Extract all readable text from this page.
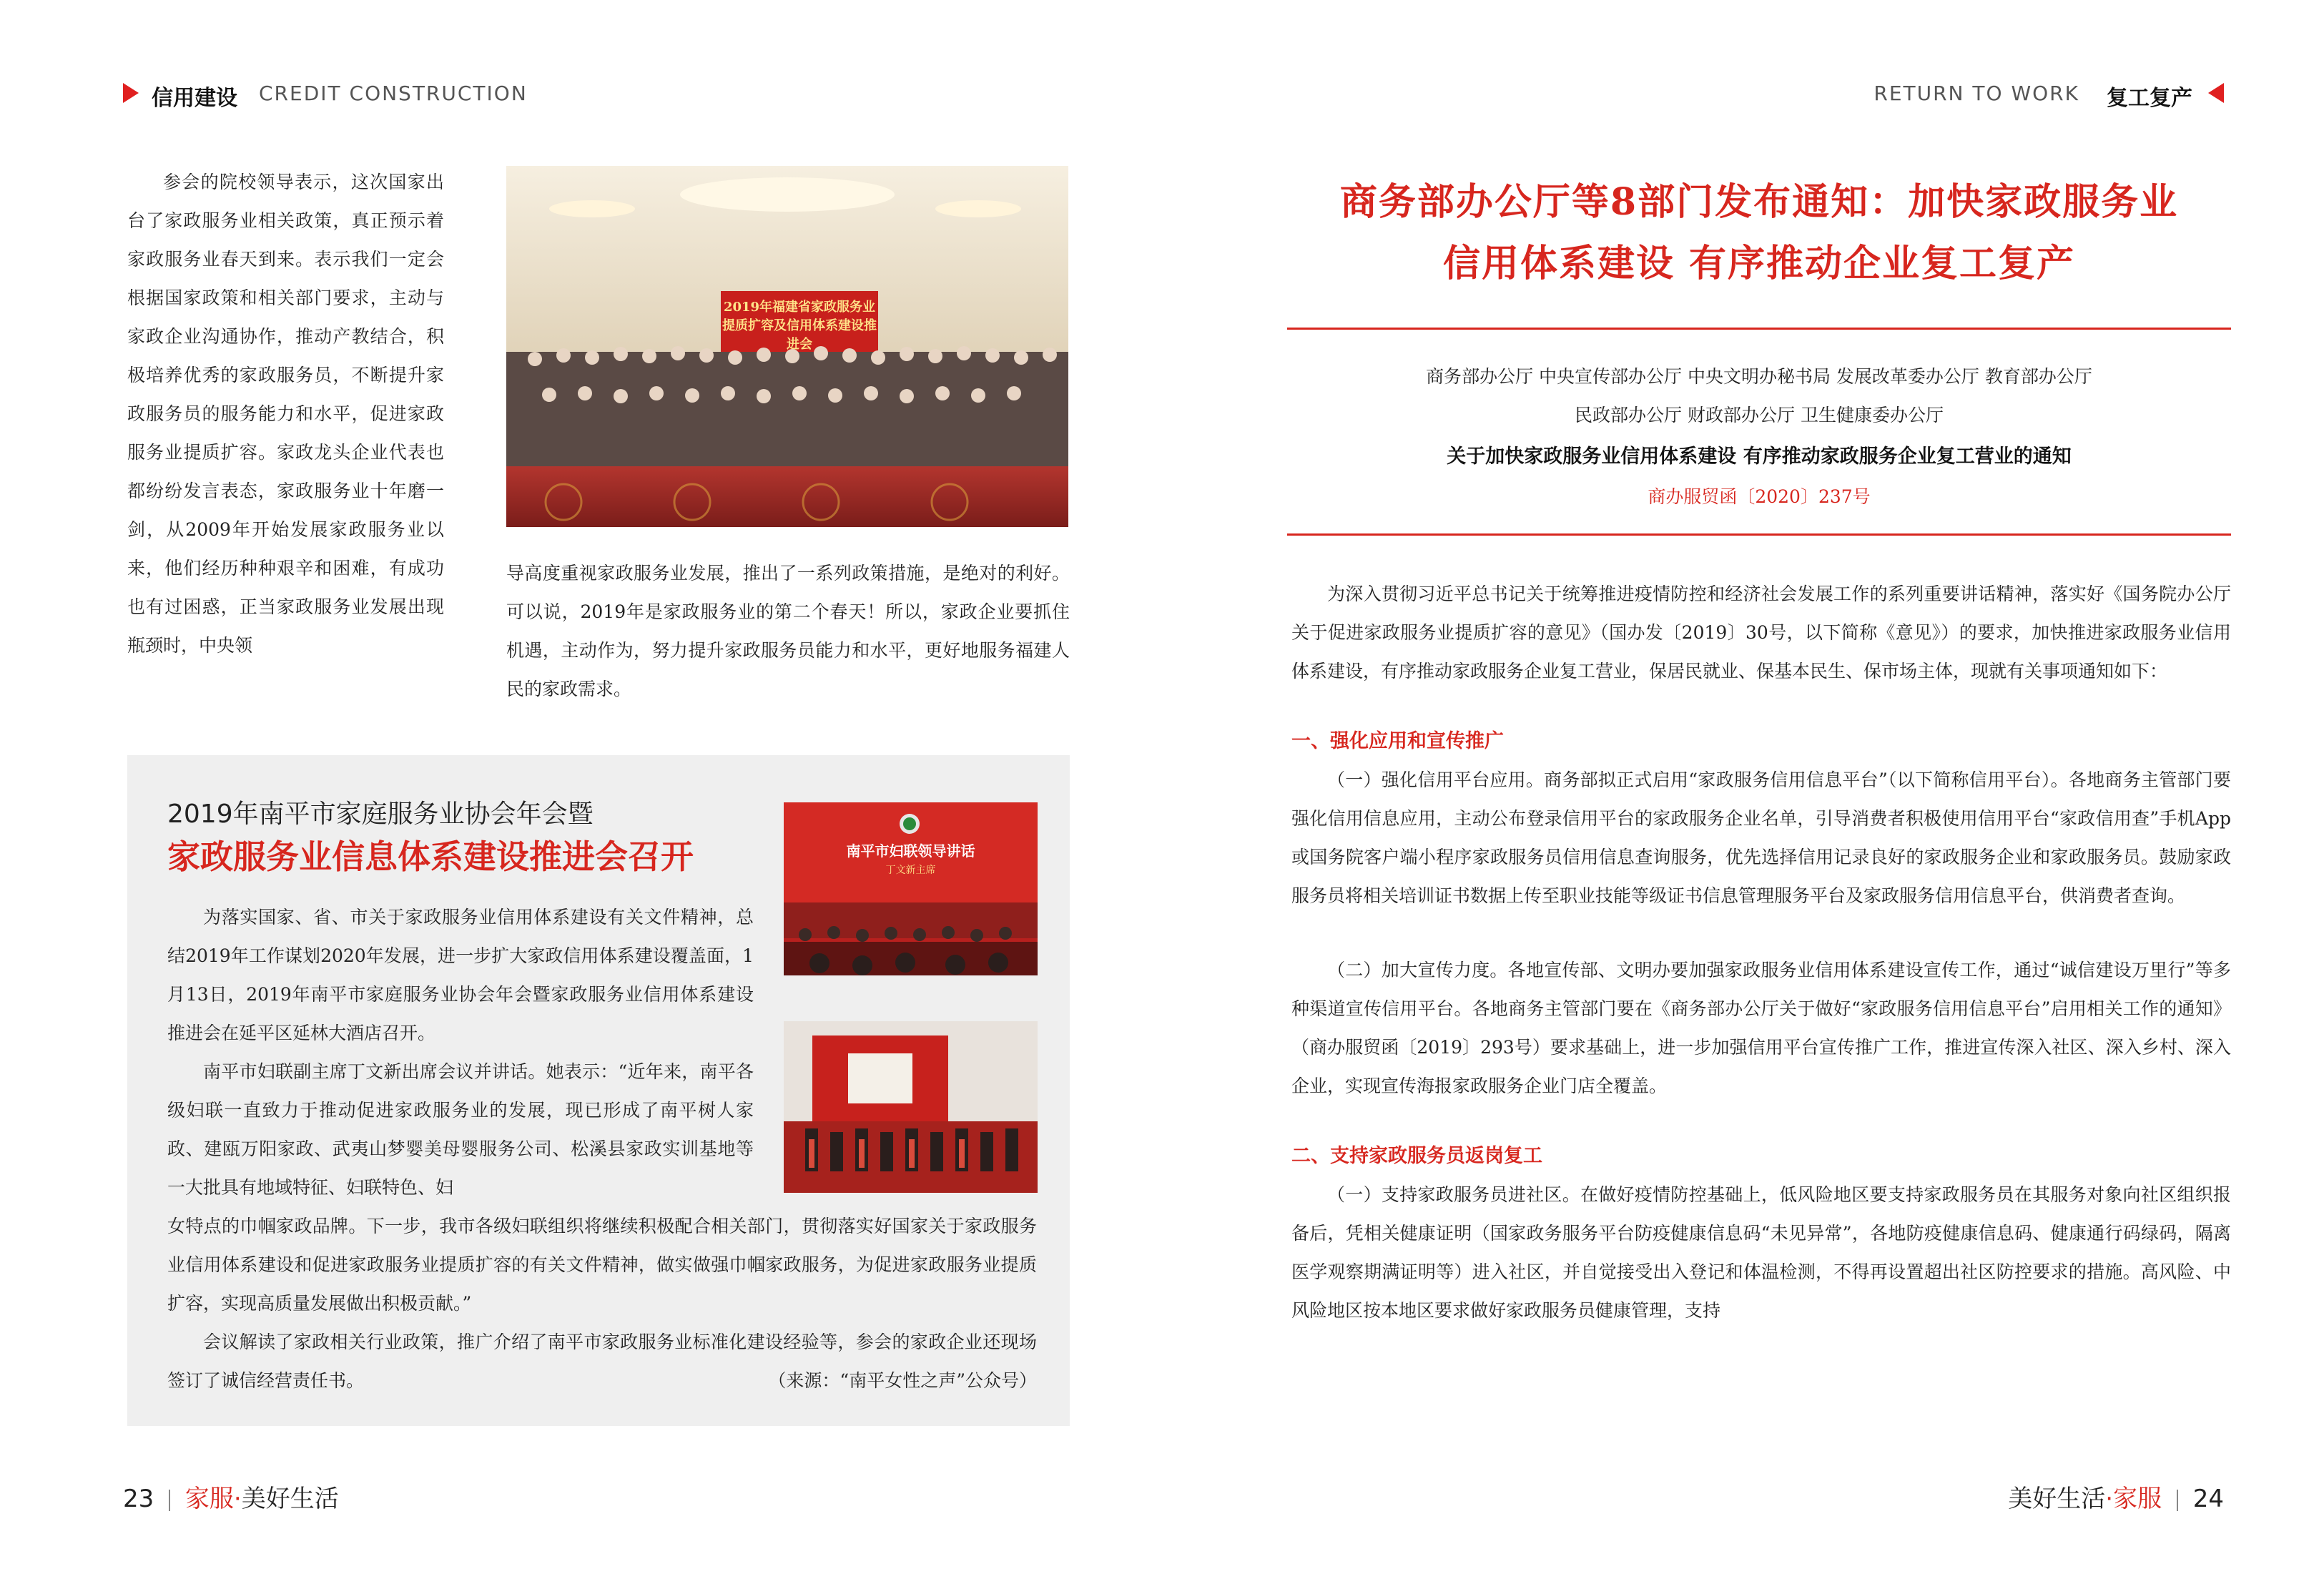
信用建设 CREDIT CONSTRUCTION

参会的院校领导表示，这次国家出台了家政服务业相关政策，真正预示着家政服务业春天到来。表示我们一定会根据国家政策和相关部门要求，主动与家政企业沟通协作，推动产教结合，积极培养优秀的家政服务员，不断提升家政服务员的服务能力和水平，促进家政服务业提质扩容。家政龙头企业代表也都纷纷发言表态，家政服务业十年磨一剑，从2009年开始发展家政服务业以来，他们经历种种艰辛和困难，有成功也有过困惑，正当家政服务业发展出现瓶颈时，中央领

2019年福建省家政服务业提质扩容及信用体系建设推进会

导高度重视家政服务业发展，推出了一系列政策措施，是绝对的利好。可以说，2019年是家政服务业的第二个春天！所以，家政企业要抓住机遇，主动作为，努力提升家政服务员能力和水平，更好地服务福建人民的家政需求。

2019年南平市家庭服务业协会年会暨
家政服务业信息体系建设推进会召开

为落实国家、省、市关于家政服务业信用体系建设有关文件精神，总结2019年工作谋划2020年发展，进一步扩大家政信用体系建设覆盖面，1月13日，2019年南平市家庭服务业协会年会暨家政服务业信用体系建设推进会在延平区延林大酒店召开。

南平市妇联副主席丁文新出席会议并讲话。她表示：“近年来，南平各级妇联一直致力于推动促进家政服务业的发展，现已形成了南平树人家政、建瓯万阳家政、武夷山梦婴美母婴服务公司、松溪县家政实训基地等一大批具有地域特征、妇联特色、妇

女特点的巾帼家政品牌。下一步，我市各级妇联组织将继续积极配合相关部门，贯彻落实好国家关于家政服务业信用体系建设和促进家政服务业提质扩容的有关文件精神，做实做强巾帼家政服务，为促进家政服务业提质扩容，实现高质量发展做出积极贡献。”

会议解读了家政相关行业政策，推广介绍了南平市家政服务业标准化建设经验等，参会的家政企业还现场签订了诚信经营责任书。	（来源：“南平女性之声”公众号）
南平市妇联领导讲话
丁文新主席
23 家服·美好生活
RETURN TO WORK 复工复产
商务部办公厅等8部门发布通知：加快家政服务业
信用体系建设 有序推动企业复工复产
商务部办公厅 中央宣传部办公厅 中央文明办秘书局 发展改革委办公厅 教育部办公厅
民政部办公厅 财政部办公厅 卫生健康委办公厅
关于加快家政服务业信用体系建设 有序推动家政服务企业复工营业的通知
商办服贸函〔2020〕237号

为深入贯彻习近平总书记关于统筹推进疫情防控和经济社会发展工作的系列重要讲话精神，落实好《国务院办公厅关于促进家政服务业提质扩容的意见》（国办发〔2019〕30号，以下简称《意见》）的要求，加快推进家政服务业信用体系建设，有序推动家政服务企业复工营业，保居民就业、保基本民生、保市场主体，现就有关事项通知如下：

一、强化应用和宣传推广

（一）强化信用平台应用。商务部拟正式启用“家政服务信用信息平台”（以下简称信用平台）。各地商务主管部门要强化信用信息应用，主动公布登录信用平台的家政服务企业名单，引导消费者积极使用信用平台“家政信用查”手机App或国务院客户端小程序家政服务员信用信息查询服务，优先选择信用记录良好的家政服务企业和家政服务员。鼓励家政服务员将相关培训证书数据上传至职业技能等级证书信息管理服务平台及家政服务信用信息平台，供消费者查询。

（二）加大宣传力度。各地宣传部、文明办要加强家政服务业信用体系建设宣传工作，通过“诚信建设万里行”等多种渠道宣传信用平台。各地商务主管部门要在《商务部办公厅关于做好“家政服务信用信息平台”启用相关工作的通知》（商办服贸函〔2019〕293号）要求基础上，进一步加强信用平台宣传推广工作，推进宣传深入社区、深入乡村、深入企业，实现宣传海报家政服务企业门店全覆盖。

二、支持家政服务员返岗复工

（一）支持家政服务员进社区。在做好疫情防控基础上，低风险地区要支持家政服务员在其服务对象向社区组织报备后，凭相关健康证明（国家政务服务平台防疫健康信息码“未见异常”，各地防疫健康信息码、健康通行码绿码，隔离医学观察期满证明等）进入社区，并自觉接受出入登记和体温检测，不得再设置超出社区防控要求的措施。高风险、中风险地区按本地区要求做好家政服务员健康管理，支持

美好生活·家服 24
